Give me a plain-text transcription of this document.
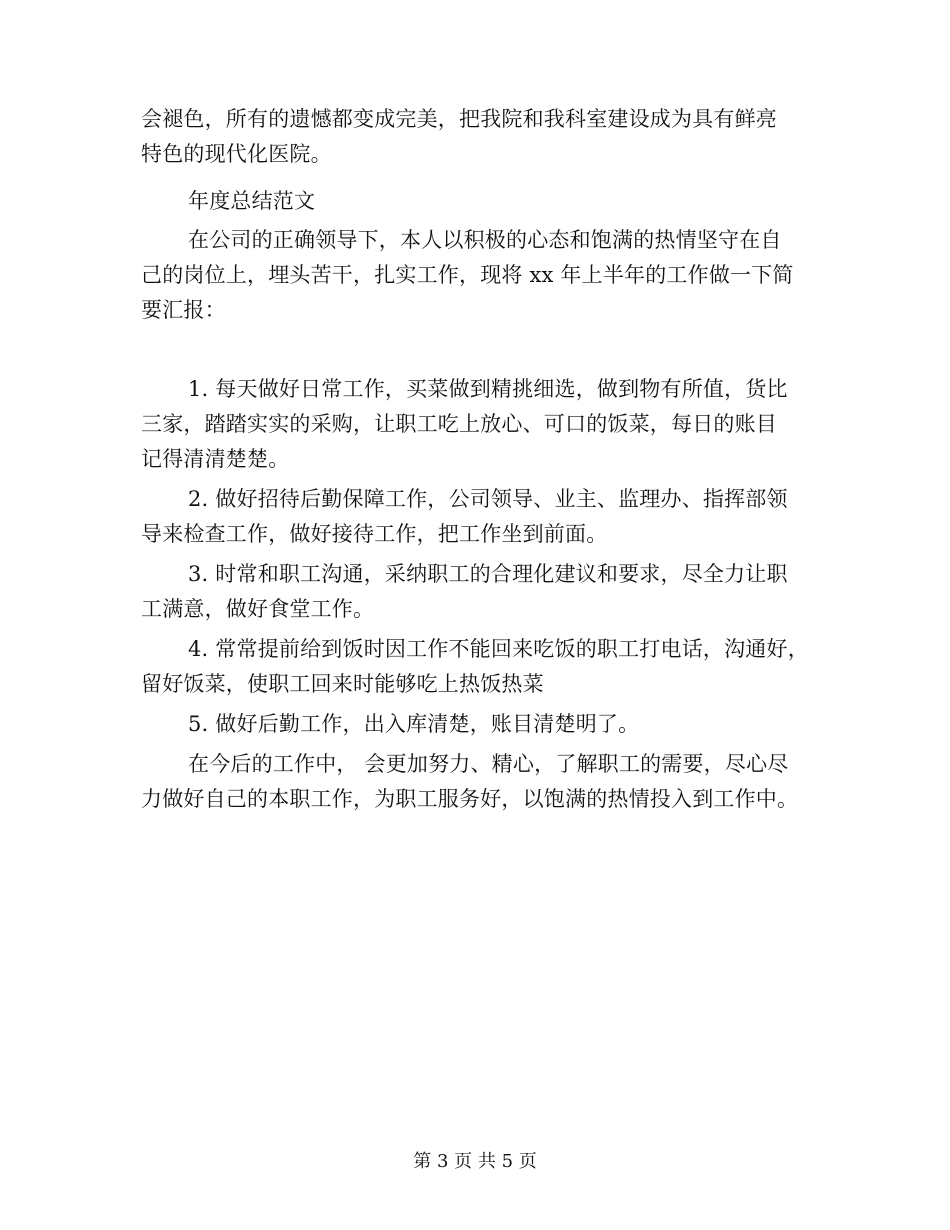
会褪色，所有的遗憾都变成完美，把我院和我科室建设成为具有鲜亮
特色的现代化医院。
年度总结范文
在公司的正确领导下，本人以积极的心态和饱满的热情坚守在自
己的岗位上，埋头苦干，扎实工作，现将 xx 年上半年的工作做一下简
要汇报：
1. 每天做好日常工作，买菜做到精挑细选，做到物有所值，货比
三家，踏踏实实的采购，让职工吃上放心、可口的饭菜，每日的账目
记得清清楚楚。
2. 做好招待后勤保障工作，公司领导、业主、监理办、指挥部领
导来检查工作，做好接待工作，把工作坐到前面。
3. 时常和职工沟通，采纳职工的合理化建议和要求，尽全力让职
工满意，做好食堂工作。
4. 常常提前给到饭时因工作不能回来吃饭的职工打电话，沟通好，
留好饭菜，使职工回来时能够吃上热饭热菜
5. 做好后勤工作，出入库清楚，账目清楚明了。
在今后的工作中， 会更加努力、精心，了解职工的需要，尽心尽
力做好自己的本职工作，为职工服务好，以饱满的热情投入到工作中。
第 3 页 共 5 页
